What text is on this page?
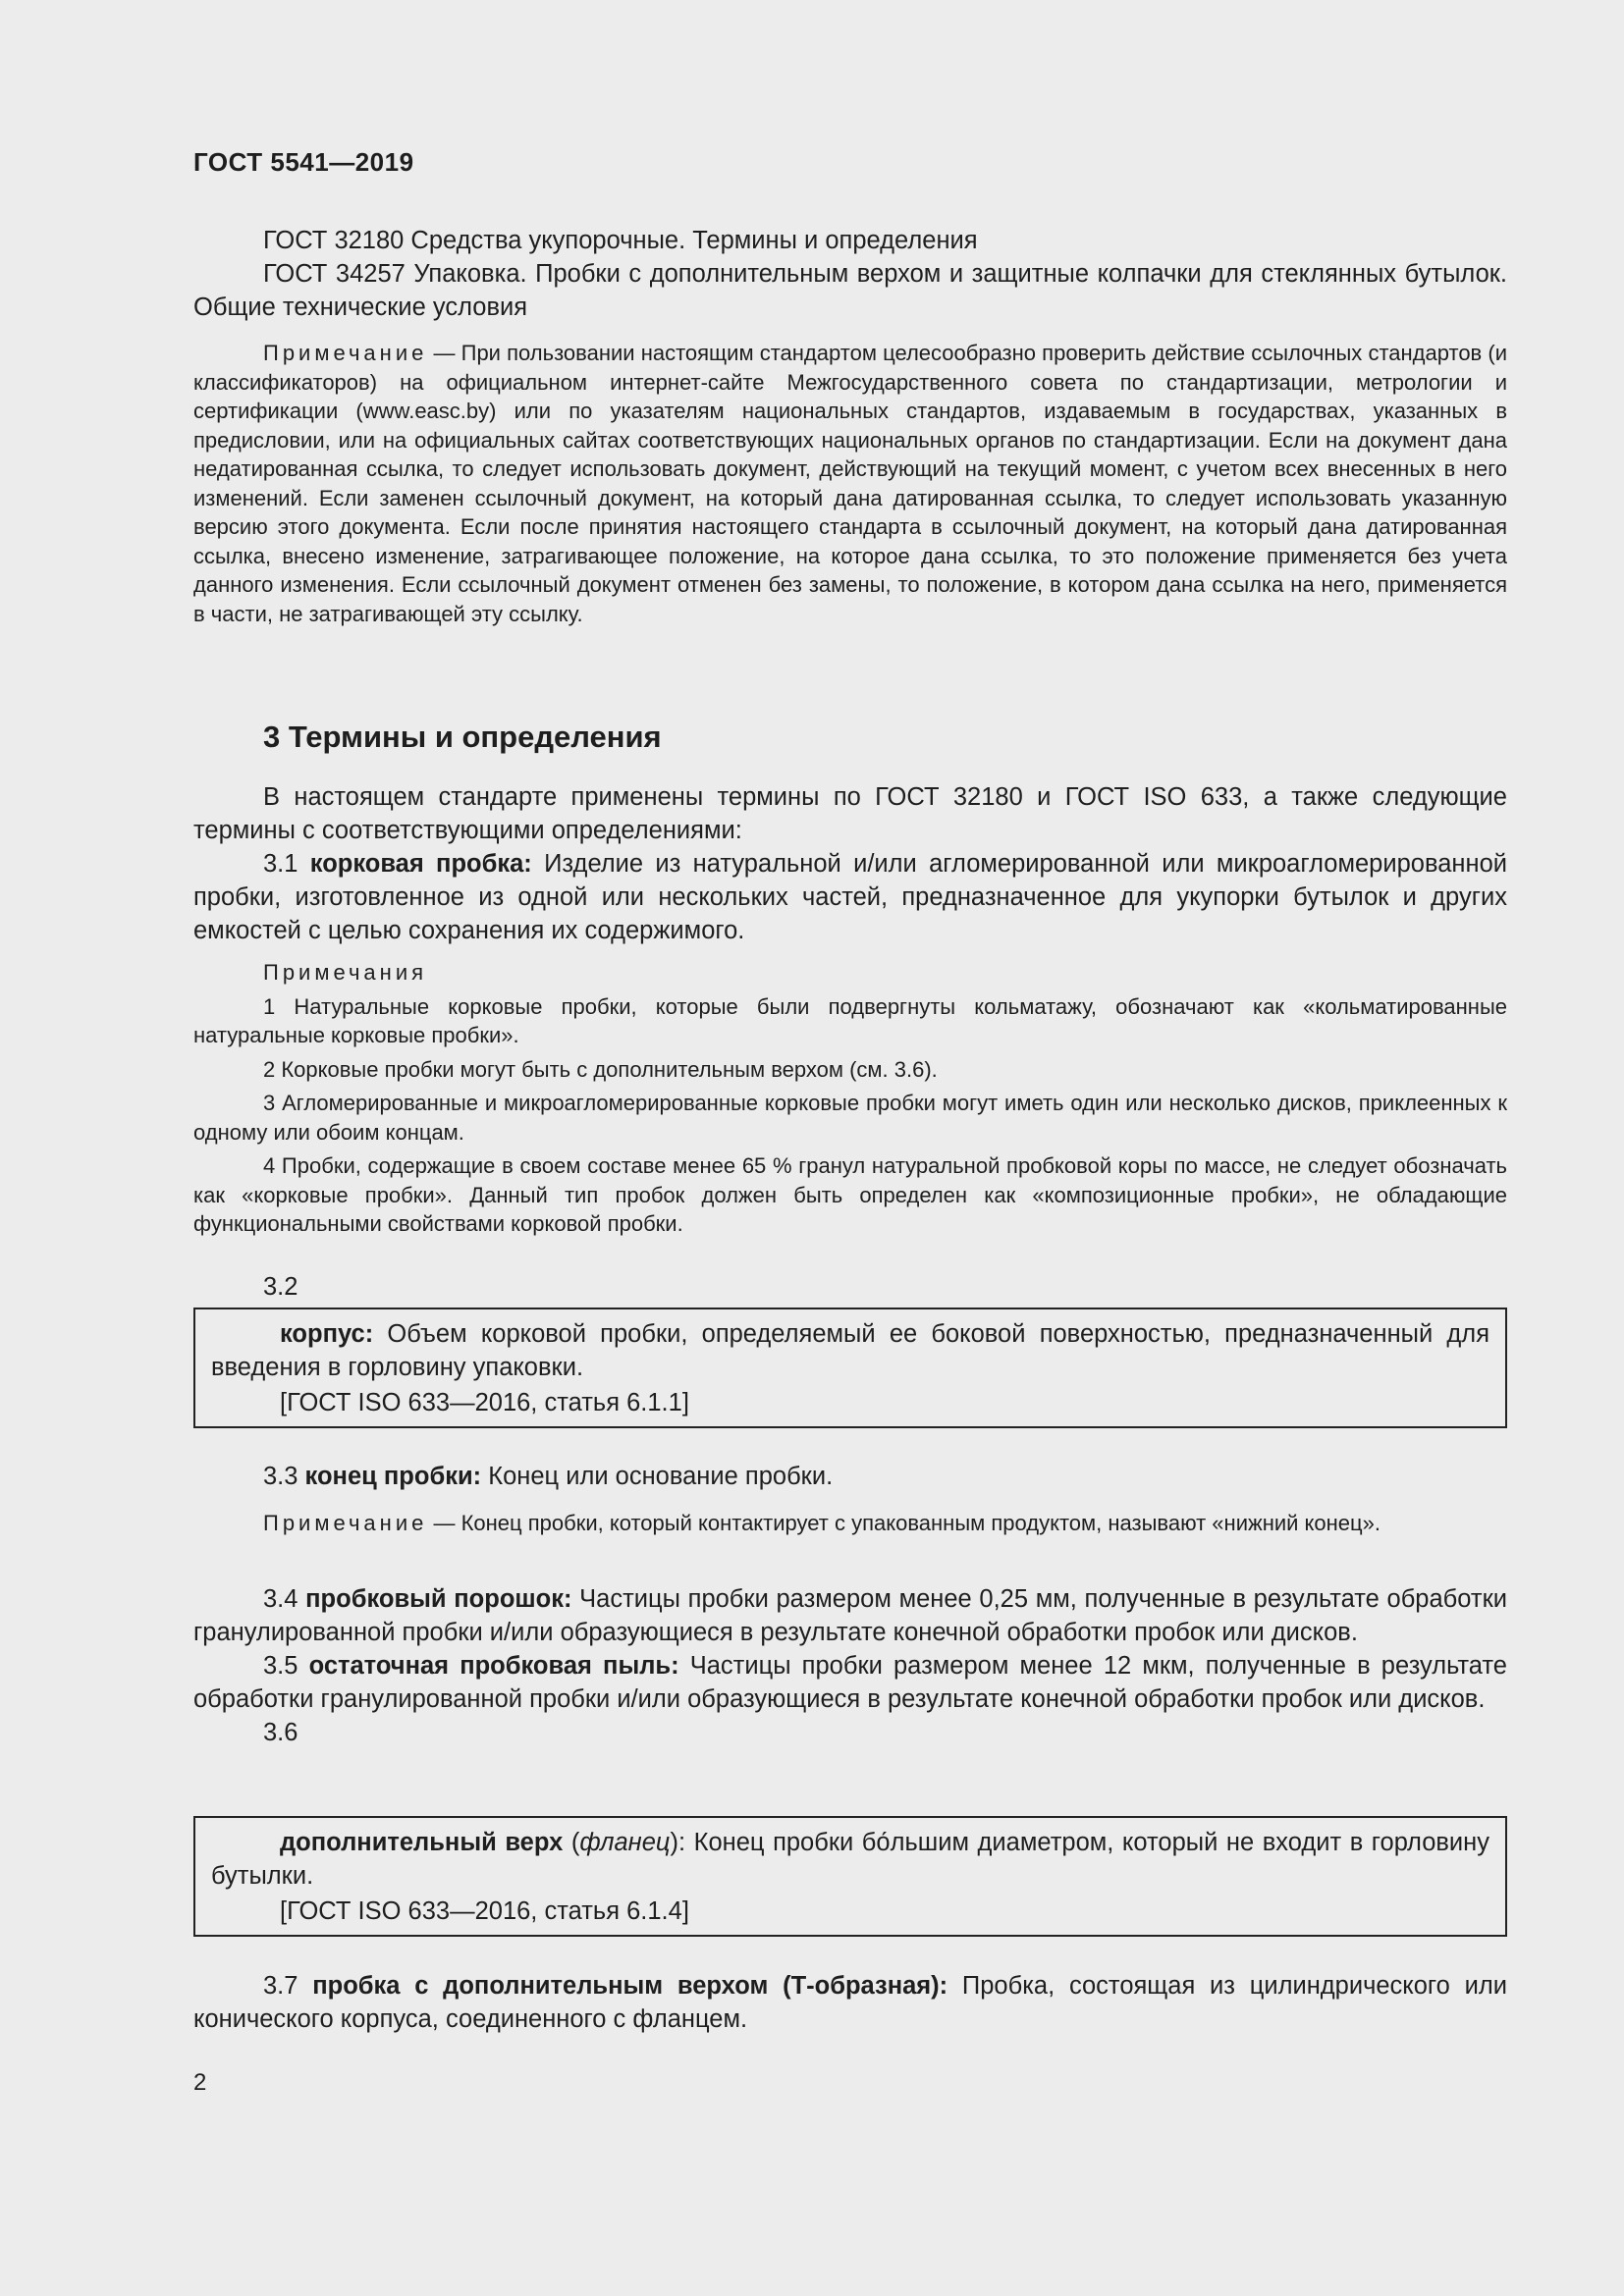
ГОСТ 5541—2019

ГОСТ 32180 Средства укупорочные. Термины и определения

ГОСТ 34257 Упаковка. Пробки с дополнительным верхом и защитные колпачки для стеклянных бутылок. Общие технические условия

Примечание — При пользовании настоящим стандартом целесообразно проверить действие ссылочных стандартов (и классификаторов) на официальном интернет-сайте Межгосударственного совета по стандартизации, метрологии и сертификации (www.easc.by) или по указателям национальных стандартов, издаваемым в государствах, указанных в предисловии, или на официальных сайтах соответствующих национальных органов по стандартизации. Если на документ дана недатированная ссылка, то следует использовать документ, действующий на текущий момент, с учетом всех внесенных в него изменений. Если заменен ссылочный документ, на который дана датированная ссылка, то следует использовать указанную версию этого документа. Если после принятия настоящего стандарта в ссылочный документ, на который дана датированная ссылка, внесено изменение, затрагивающее положение, на которое дана ссылка, то это положение применяется без учета данного изменения. Если ссылочный документ отменен без замены, то положение, в котором дана ссылка на него, применяется в части, не затрагивающей эту ссылку.

3 Термины и определения

В настоящем стандарте применены термины по ГОСТ 32180 и ГОСТ ISO 633, а также следующие термины с соответствующими определениями:

3.1 корковая пробка: Изделие из натуральной и/или агломерированной или микроагломерированной пробки, изготовленное из одной или нескольких частей, предназначенное для укупорки бутылок и других емкостей с целью сохранения их содержимого.

Примечания

1 Натуральные корковые пробки, которые были подвергнуты кольматажу, обозначают как «кольматированные натуральные корковые пробки».

2 Корковые пробки могут быть с дополнительным верхом (см. 3.6).

3 Агломерированные и микроагломерированные корковые пробки могут иметь один или несколько дисков, приклеенных к одному или обоим концам.

4 Пробки, содержащие в своем составе менее 65 % гранул натуральной пробковой коры по массе, не следует обозначать как «корковые пробки». Данный тип пробок должен быть определен как «композиционные пробки», не обладающие функциональными свойствами корковой пробки.

3.2

корпус: Объем корковой пробки, определяемый ее боковой поверхностью, предназначенный для введения в горловину упаковки.

[ГОСТ ISO 633—2016, статья 6.1.1]

3.3 конец пробки: Конец или основание пробки.

Примечание — Конец пробки, который контактирует с упакованным продуктом, называют «нижний конец».

3.4 пробковый порошок: Частицы пробки размером менее 0,25 мм, полученные в результате обработки гранулированной пробки и/или образующиеся в результате конечной обработки пробок или дисков.

3.5 остаточная пробковая пыль: Частицы пробки размером менее 12 мкм, полученные в результате обработки гранулированной пробки и/или образующиеся в результате конечной обработки пробок или дисков.

3.6

дополнительный верх (фланец): Конец пробки бо́льшим диаметром, который не входит в горловину бутылки.

[ГОСТ ISO 633—2016, статья 6.1.4]

3.7 пробка с дополнительным верхом (Т-образная): Пробка, состоящая из цилиндрического или конического корпуса, соединенного с фланцем.

2
